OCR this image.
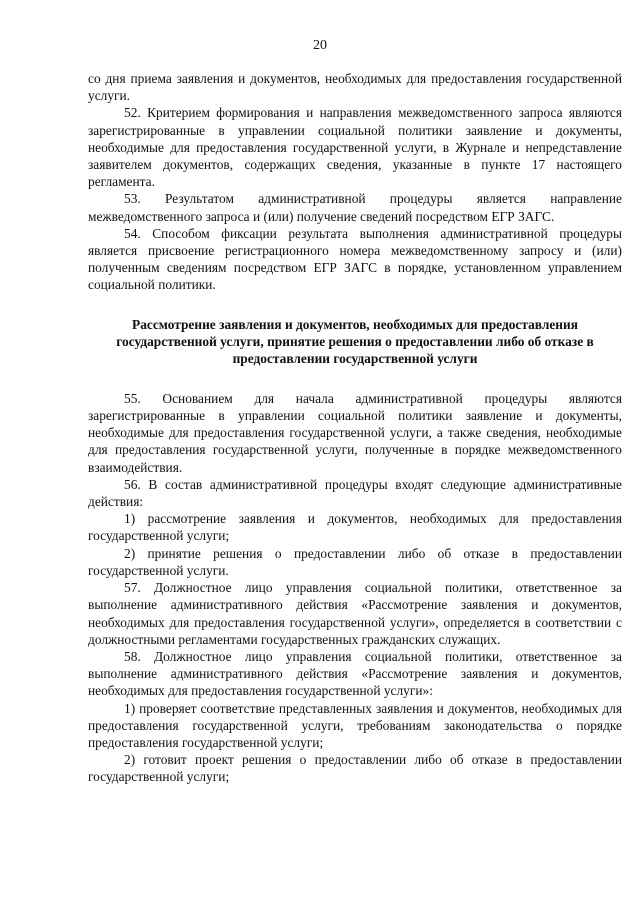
20

со дня приема заявления и документов, необходимых для предоставления государственной услуги.

52. Критерием формирования и направления межведомственного запроса являются зарегистрированные в управлении социальной политики заявление и документы, необходимые для предоставления государственной услуги, в Журнале и непредставление заявителем документов, содержащих сведения, указанные в пункте 17 настоящего регламента.

53. Результатом административной процедуры является направление межведомственного запроса и (или) получение сведений посредством ЕГР ЗАГС.

54. Способом фиксации результата выполнения административной процедуры является присвоение регистрационного номера межведомственному запросу и (или) полученным сведениям посредством ЕГР ЗАГС в порядке, установленном управлением социальной политики.

Рассмотрение заявления и документов, необходимых для предоставления государственной услуги, принятие решения о предоставлении либо об отказе в предоставлении государственной услуги

55. Основанием для начала административной процедуры являются зарегистрированные в управлении социальной политики заявление и документы, необходимые для предоставления государственной услуги, а также сведения, необходимые для предоставления государственной услуги, полученные в порядке межведомственного взаимодействия.

56. В состав административной процедуры входят следующие административные действия:

1) рассмотрение заявления и документов, необходимых для предоставления государственной услуги;

2) принятие решения о предоставлении либо об отказе в предоставлении государственной услуги.

57. Должностное лицо управления социальной политики, ответственное за выполнение административного действия «Рассмотрение заявления и документов, необходимых для предоставления государственной услуги», определяется в соответствии с должностными регламентами государственных гражданских служащих.

58. Должностное лицо управления социальной политики, ответственное за выполнение административного действия «Рассмотрение заявления и документов, необходимых для предоставления государственной услуги»:

1) проверяет соответствие представленных заявления и документов, необходимых для предоставления государственной услуги, требованиям законодательства о порядке предоставления государственной услуги;

2) готовит проект решения о предоставлении либо об отказе в предоставлении государственной услуги;
